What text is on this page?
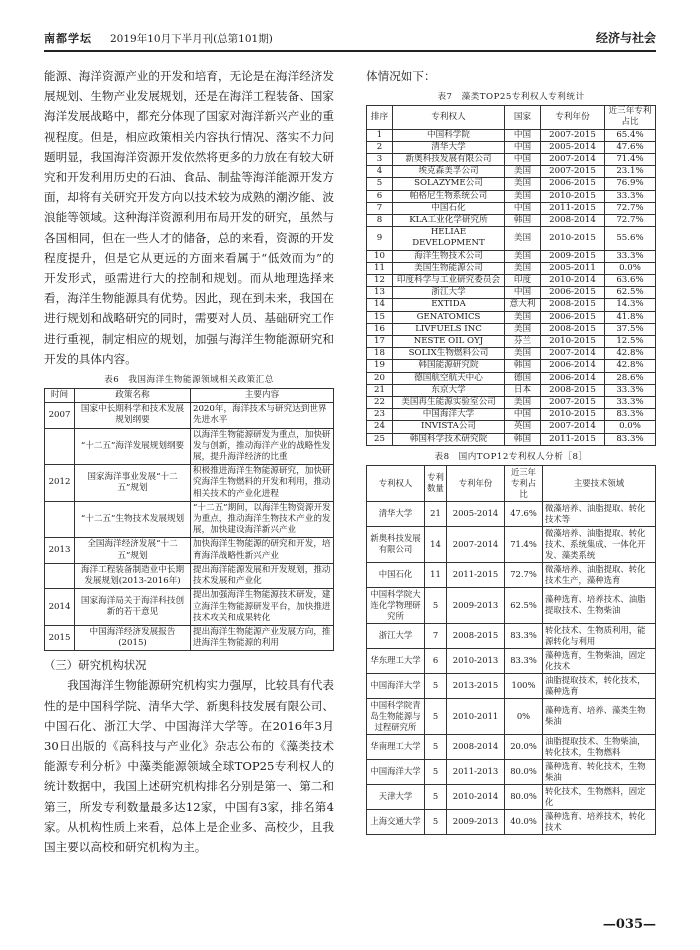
南都学坛 2019年10月下半月刊(总第101期)	经济与社会

能源、海洋资源产业的开发和培育，无论是在海洋经济发展规划、生物产业发展规划，还是在海洋工程装备、国家海洋发展战略中，都充分体现了国家对海洋新兴产业的重视程度。但是，相应政策相关内容执行情况、落实不力问题明显，我国海洋资源开发依然将更多的力放在有较大研究和开发利用历史的石油、食品、制盐等海洋能源开发方面，却将有关研究开发方向以技术较为成熟的潮汐能、波浪能等领域。这种海洋资源利用布局开发的研究，虽然与各国相同，但在一些人才的储备，总的来看，资源的开发程度提升，但是它从更远的方面来看属于“低效而为”的开发形式，亟需进行大的控制和规划。而从地理选择来看，海洋生物能源具有优势。因此，现在到未来，我国在进行规划和战略研究的同时，需要对人员、基础研究工作进行重视，制定相应的规划，加强与海洋生物能源研究和开发的具体内容。

表6　我国海洋生物能源领域相关政策汇总
时间	政策名称	主要内容
2007	国家中长期科学和技术发展规划纲要	2020年，海洋技术与研究达到世界先进水平
	“十二五”海洋发展规划纲要	以海洋生物能源研发为重点，加快研发与创新，推动海洋产业的战略性发展，提升海洋经济的比重
2012	国家海洋事业发展“十二五”规划	积极推进海洋生物能源研究，加快研究海洋生物燃料的开发和利用，推动相关技术的产业化进程
	“十二五”生物技术发展规划	“十二五”期间，以海洋生物资源开发为重点，推动海洋生物技术产业的发展，加快建设海洋新兴产业
2013	全国海洋经济发展“十二五”规划	加快海洋生物能源的研究和开发，培育海洋战略性新兴产业
	海洋工程装备制造业中长期发展规划(2013-2016年)	提出海洋能源发展和开发规划，推动技术发展和产业化
2014	国家海洋局关于海洋科技创新的若干意见	提出加强海洋生物能源技术研发，建立海洋生物能源研发平台，加快推进技术攻关和成果转化
2015	中国海洋经济发展报告(2015)	提出海洋生物能源产业发展方向，推进海洋生物能源的利用
（三）研究机构状况

我国海洋生物能源研究机构实力强厚，比较具有代表性的是中国科学院、清华大学、新奥科技发展有限公司、中国石化、浙江大学、中国海洋大学等。在2016年3月30日出版的《高科技与产业化》杂志公布的《藻类技术能源专利分析》中藻类能源领域全球TOP25专利权人的统计数据中，我国上述研究机构排名分别是第一、第二和第三，所发专利数量最多达12家，中国有3家，排名第4家。从机构性质上来看，总体上是企业多、高校少，且我国主要以高校和研究机构为主。

体情况如下：

表7　藻类TOP25专利权人专利统计
排序	专利权人	国家	专利年份	近三年专利占比
1	中国科学院	中国	2007-2015	65.4%
2	清华大学	中国	2005-2014	47.6%
3	新奥科技发展有限公司	中国	2007-2014	71.4%
4	埃克森美孚公司	美国	2007-2015	23.1%
5	SOLAZYME公司	美国	2006-2015	76.9%
6	帕格尼生物系统公司	美国	2010-2015	33.3%
7	中国石化	中国	2011-2015	72.7%
8	KLA工业化学研究所	韩国	2008-2014	72.7%
9	HELIAE DEVELOPMENT	美国	2010-2015	55.6%
10	海洋生物技术公司	美国	2009-2015	33.3%
11	美国生物能源公司	美国	2005-2011	0.0%
12	印度科学与工业研究委员会	印度	2010-2014	63.6%
13	浙江大学	中国	2006-2015	62.5%
14	EXTIDA	意大利	2008-2015	14.3%
15	GENATOMICS	美国	2006-2015	41.8%
16	LIVFUELS INC	美国	2008-2015	37.5%
17	NESTE OIL OYJ	芬兰	2010-2015	12.5%
18	SOLIX生物燃料公司	美国	2007-2014	42.8%
19	韩国能源研究院	韩国	2006-2014	42.8%
20	德国航空航天中心	德国	2006-2014	28.6%
21	东京大学	日本	2008-2015	33.3%
22	美国再生能源实验室公司	美国	2007-2015	33.3%
23	中国海洋大学	中国	2010-2015	83.3%
24	INVISTA公司	英国	2007-2014	0.0%
25	韩国科学技术研究院	韩国	2011-2015	83.3%
表8　国内TOP12专利权人分析［8］
专利权人	专利数量	专利年份	近三年专利占比	主要技术领域
清华大学	21	2005-2014	47.6%	微藻培养、油脂提取、转化技术等
新奥科技发展有限公司	14	2007-2014	71.4%	微藻培养、油脂提取、转化技术、系统集成、一体化开发、藻类系统
中国石化	11	2011-2015	72.7%	微藻培养、油脂提取、转化技术生产，藻种选育
中国科学院大连化学物理研究所	5	2009-2013	62.5%	藻种选育、培养技术、油脂提取技术、生物柴油
浙江大学	7	2008-2015	83.3%	转化技术、生物质利用，能源转化与利用
华东理工大学	6	2010-2013	83.3%	藻种选育，生物柴油，固定化技术
中国海洋大学	5	2013-2015	100%	油脂提取技术，转化技术，藻种选育
中国科学院青岛生物能源与过程研究所	5	2010-2011	0%	藻种选育、培养、藻类生物柴油
华南理工大学	5	2008-2014	20.0%	油脂提取技术、生物柴油，转化技术，生物燃料
中国海洋大学	5	2011-2013	80.0%	藻种选育、转化技术，生物柴油
天津大学	5	2010-2014	80.0%	转化技术，生物燃料，固定化
上海交通大学	5	2009-2013	40.0%	藻种选育、培养技术，转化技术
—035—
